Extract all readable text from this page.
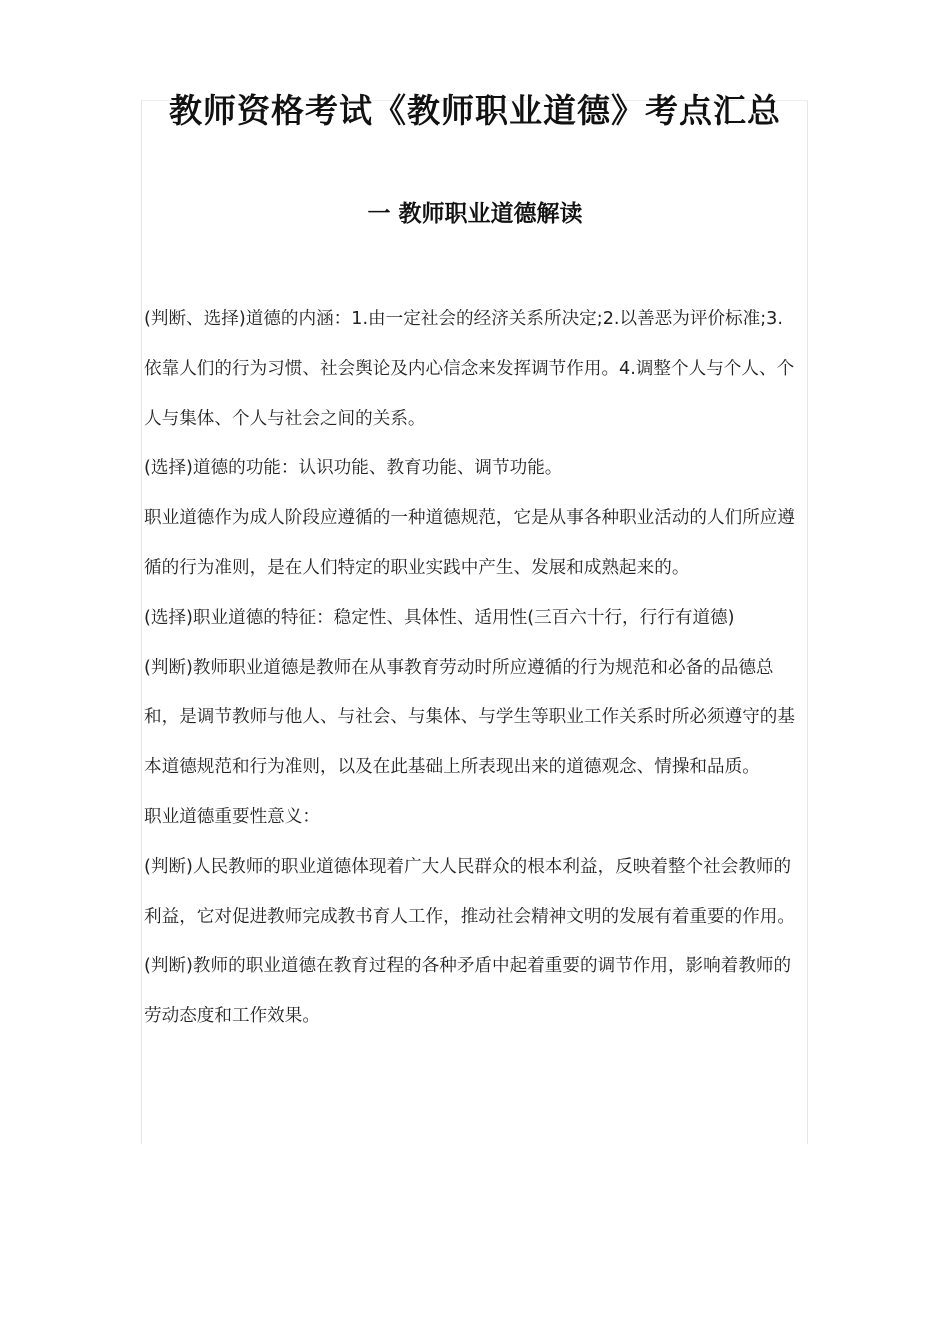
教师资格考试《教师职业道德》考点汇总
一 教师职业道德解读

(判断、选择)道德的内涵：1.由一定社会的经济关系所决定;2.以善恶为评价标准;3.依靠人们的行为习惯、社会舆论及内心信念来发挥调节作用。4.调整个人与个人、个人与集体、个人与社会之间的关系。

(选择)道德的功能：认识功能、教育功能、调节功能。

职业道德作为成人阶段应遵循的一种道德规范，它是从事各种职业活动的人们所应遵循的行为准则，是在人们特定的职业实践中产生、发展和成熟起来的。

(选择)职业道德的特征：稳定性、具体性、适用性(三百六十行，行行有道德)

(判断)教师职业道德是教师在从事教育劳动时所应遵循的行为规范和必备的品德总和，是调节教师与他人、与社会、与集体、与学生等职业工作关系时所必须遵守的基本道德规范和行为准则，以及在此基础上所表现出来的道德观念、情操和品质。

职业道德重要性意义：

(判断)人民教师的职业道德体现着广大人民群众的根本利益，反映着整个社会教师的利益，它对促进教师完成教书育人工作，推动社会精神文明的发展有着重要的作用。

(判断)教师的职业道德在教育过程的各种矛盾中起着重要的调节作用，影响着教师的劳动态度和工作效果。
